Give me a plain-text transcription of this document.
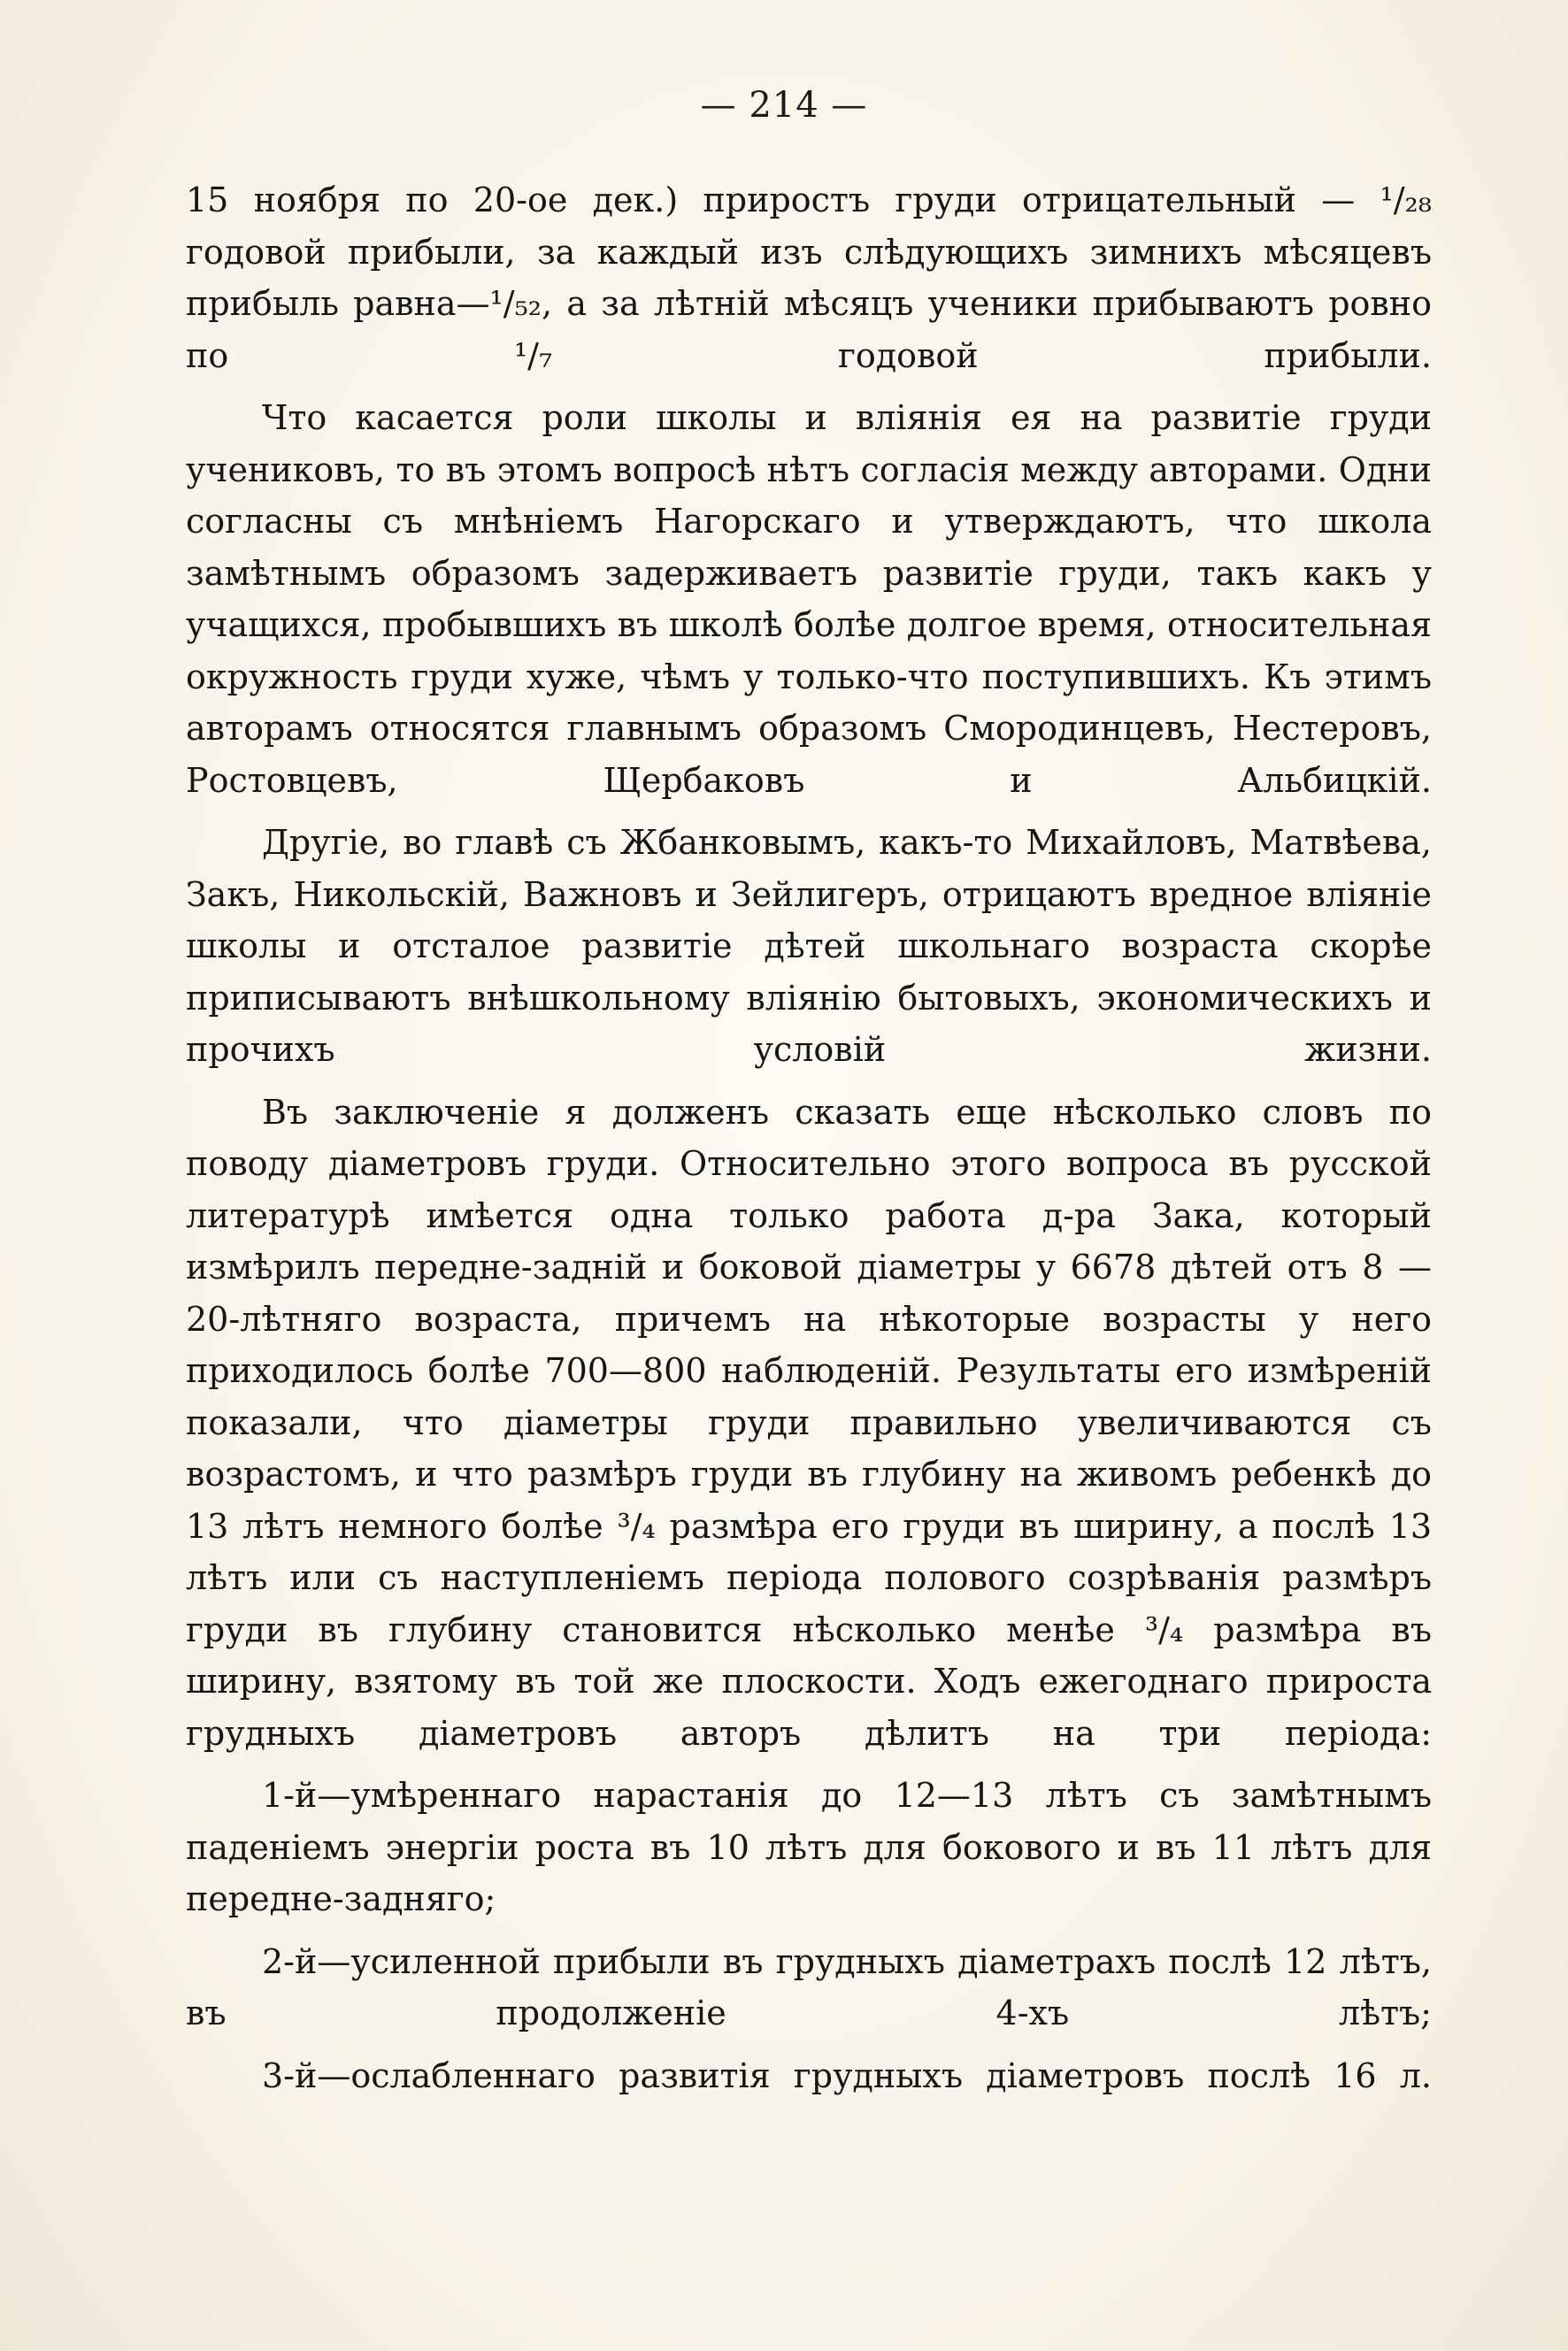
— 214 —

15 ноября по 20-ое дек.) приростъ груди отрицательный — ¹/₂₈ годовой прибыли, за каждый изъ слѣдующихъ зимнихъ мѣсяцевъ прибыль равна—¹/₅₂, а за лѣтній мѣсяцъ ученики прибываютъ ровно по ¹/₇ годовой прибыли.

Что касается роли школы и вліянія ея на развитіе груди учениковъ, то въ этомъ вопросѣ нѣтъ согласія между авторами. Одни согласны съ мнѣніемъ Нагорскаго и утверждаютъ, что школа замѣтнымъ образомъ задерживаетъ развитіе груди, такъ какъ у учащихся, пробывшихъ въ школѣ болѣе долгое время, относительная окружность груди хуже, чѣмъ у только-что поступившихъ. Къ этимъ авторамъ относятся главнымъ образомъ Смородинцевъ, Нестеровъ, Ростовцевъ, Щербаковъ и Альбицкій.

Другіе, во главѣ съ Жбанковымъ, какъ-то Михайловъ, Матвѣева, Закъ, Никольскій, Важновъ и Зейлигеръ, отрицаютъ вредное вліяніе школы и отсталое развитіе дѣтей школьнаго возраста скорѣе приписываютъ внѣшкольному вліянію бытовыхъ, экономическихъ и прочихъ условій жизни.

Въ заключеніе я долженъ сказать еще нѣсколько словъ по поводу діаметровъ груди. Относительно этого вопроса въ русской литературѣ имѣется одна только работа д-ра Зака, который измѣрилъ передне-задній и боковой діаметры у 6678 дѣтей отъ 8 — 20-лѣтняго возраста, причемъ на нѣкоторые возрасты у него приходилось болѣе 700—800 наблюденій. Результаты его измѣреній показали, что діаметры груди правильно увеличиваются съ возрастомъ, и что размѣръ груди въ глубину на живомъ ребенкѣ до 13 лѣтъ немного болѣе ³/₄ размѣра его груди въ ширину, а послѣ 13 лѣтъ или съ наступленіемъ періода полового созрѣванія размѣръ груди въ глубину становится нѣсколько менѣе ³/₄ размѣра въ ширину, взятому въ той же плоскости. Ходъ ежегоднаго прироста грудныхъ діаметровъ авторъ дѣлитъ на три періода:

1-й—умѣреннаго нарастанія до 12—13 лѣтъ съ замѣтнымъ паденіемъ энергіи роста въ 10 лѣтъ для бокового и въ 11 лѣтъ для передне-задняго;

2-й—усиленной прибыли въ грудныхъ діаметрахъ послѣ 12 лѣтъ, въ продолженіе 4-хъ лѣтъ;

3-й—ослабленнаго развитія грудныхъ діаметровъ послѣ 16 л.
